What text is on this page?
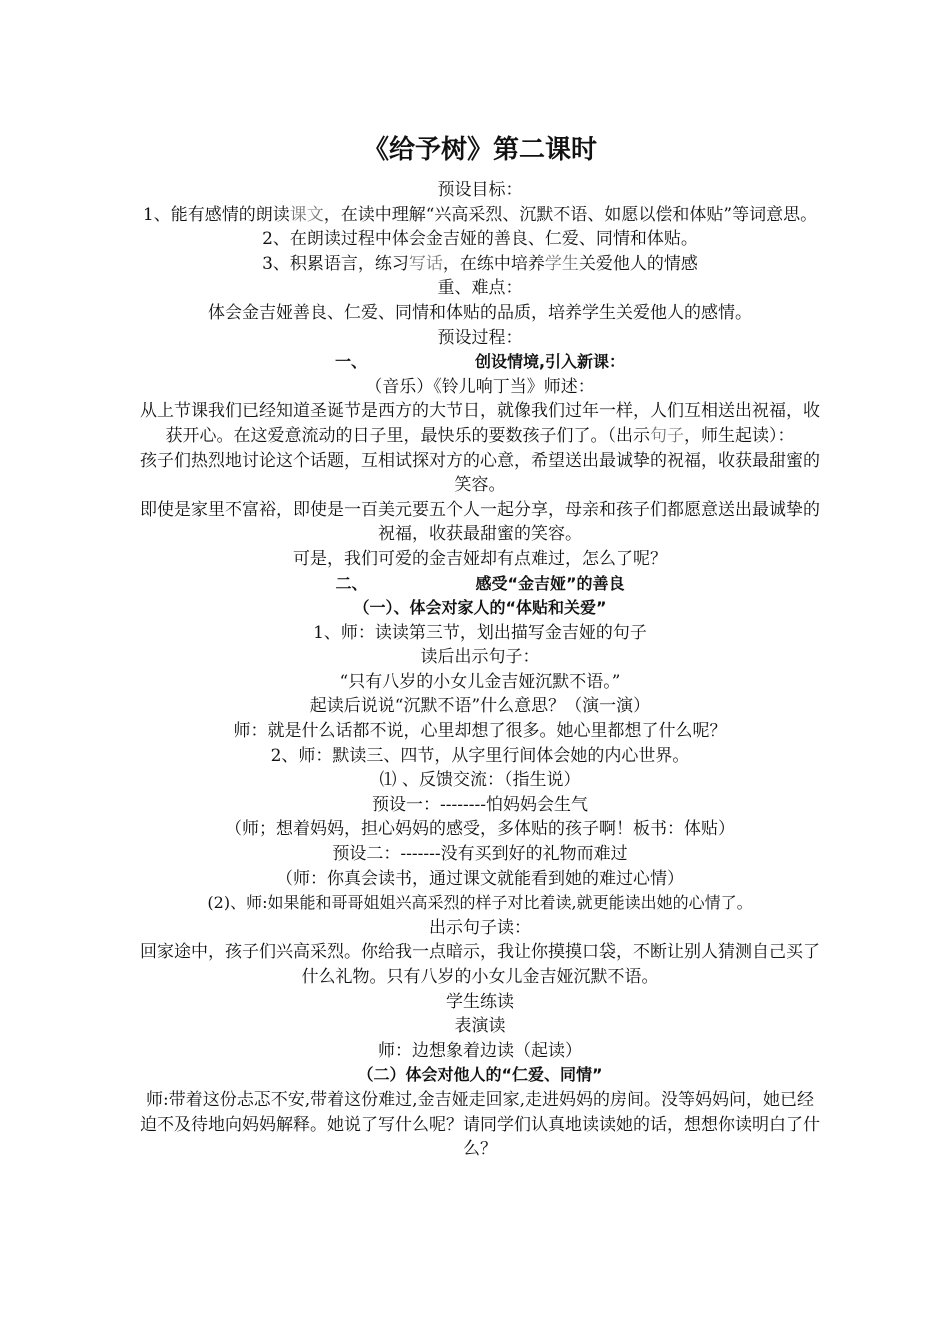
《给予树》第二课时

预设目标：

1、能有感情的朗读课文，在读中理解“兴高采烈、沉默不语、如愿以偿和体贴”等词意思。

2、在朗读过程中体会金吉娅的善良、仁爱、同情和体贴。

3、积累语言，练习写话，在练中培养学生关爱他人的情感

重、难点：

体会金吉娅善良、仁爱、同情和体贴的品质，培养学生关爱他人的感情。

预设过程：

一、	创设情境,引入新课：

（音乐）《铃儿响丁当》师述：

从上节课我们已经知道圣诞节是西方的大节日，就像我们过年一样，人们互相送出祝福，收获开心。在这爱意流动的日子里，最快乐的要数孩子们了。（出示句子，师生起读）：

孩子们热烈地讨论这个话题，互相试探对方的心意，希望送出最诚挚的祝福，收获最甜蜜的笑容。

即使是家里不富裕，即使是一百美元要五个人一起分享，母亲和孩子们都愿意送出最诚挚的祝福，收获最甜蜜的笑容。

可是，我们可爱的金吉娅却有点难过，怎么了呢？

二、	感受“金吉娅”的善良

（一）、体会对家人的“体贴和关爱”

1、师：读读第三节，划出描写金吉娅的句子

读后出示句子：

“只有八岁的小女儿金吉娅沉默不语。”

起读后说说“沉默不语”什么意思？（演一演）

师：就是什么话都不说，心里却想了很多。她心里都想了什么呢？

2、师：默读三、四节，从字里行间体会她的内心世界。

⑴ 、反馈交流：（指生说）

预设一：--------怕妈妈会生气

（师；想着妈妈，担心妈妈的感受，多体贴的孩子啊！板书：体贴）

预设二：-------没有买到好的礼物而难过

（师：你真会读书，通过课文就能看到她的难过心情）

(2)、师:如果能和哥哥姐姐兴高采烈的样子对比着读,就更能读出她的心情了。

出示句子读：

回家途中，孩子们兴高采烈。你给我一点暗示，我让你摸摸口袋，不断让别人猜测自己买了什么礼物。只有八岁的小女儿金吉娅沉默不语。

学生练读

表演读

师：边想象着边读（起读）

（二）体会对他人的“仁爱、同情”

师:带着这份忐忑不安,带着这份难过,金吉娅走回家,走进妈妈的房间。没等妈妈问，她已经迫不及待地向妈妈解释。她说了写什么呢？请同学们认真地读读她的话，想想你读明白了什么？
